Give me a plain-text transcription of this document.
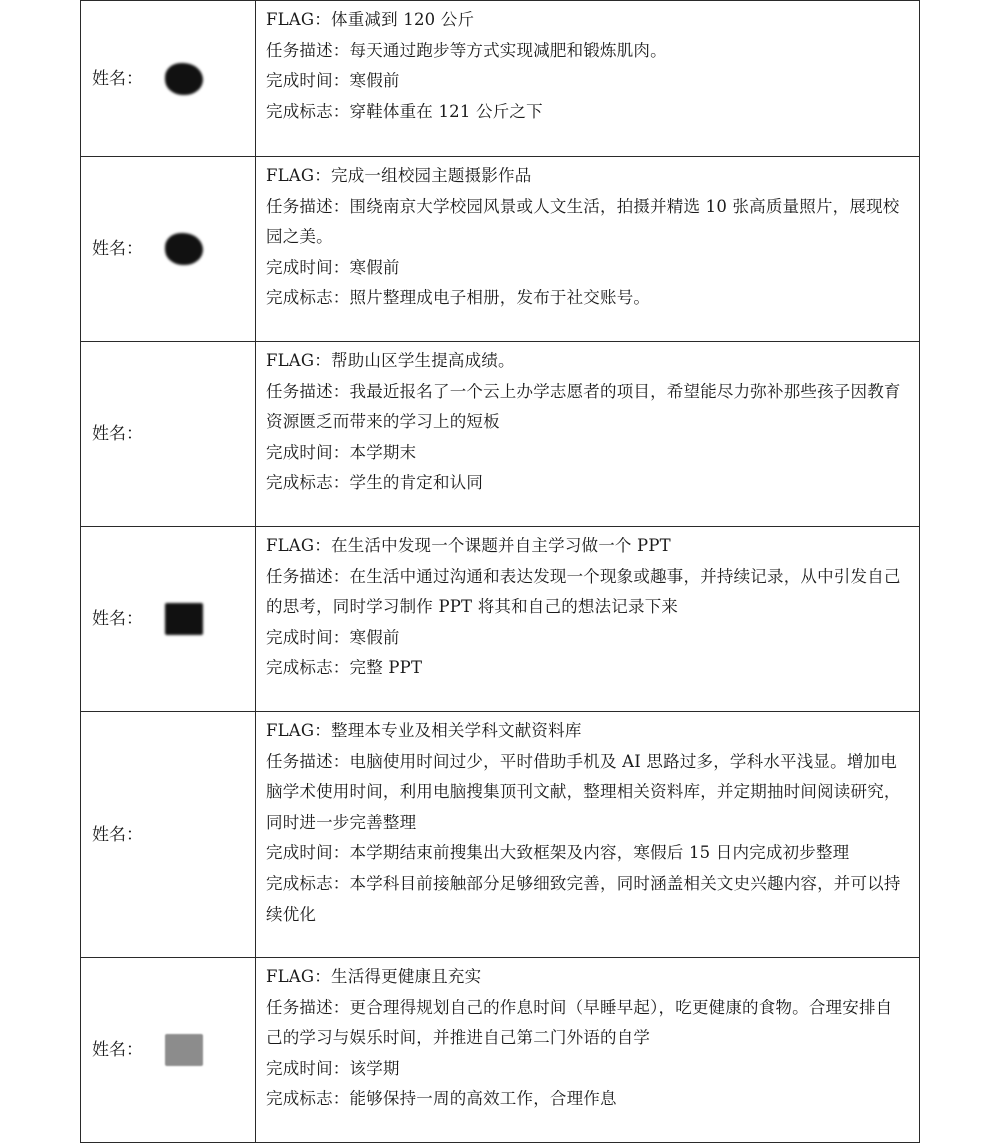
姓名：	FLAG：体重减到 120 公斤
任务描述：每天通过跑步等方式实现减肥和锻炼肌肉。
完成时间：寒假前
完成标志：穿鞋体重在 121 公斤之下

姓名：	FLAG：完成一组校园主题摄影作品
任务描述：围绕南京大学校园风景或人文生活，拍摄并精选 10 张高质量照片，展现校园之美。
完成时间：寒假前
完成标志：照片整理成电子相册，发布于社交账号。

姓名：	FLAG：帮助山区学生提高成绩。
任务描述：我最近报名了一个云上办学志愿者的项目，希望能尽力弥补那些孩子因教育资源匮乏而带来的学习上的短板
完成时间：本学期末
完成标志：学生的肯定和认同

姓名：	FLAG：在生活中发现一个课题并自主学习做一个 PPT
任务描述：在生活中通过沟通和表达发现一个现象或趣事，并持续记录，从中引发自己的思考，同时学习制作 PPT 将其和自己的想法记录下来
完成时间：寒假前
完成标志：完整 PPT

姓名：	FLAG：整理本专业及相关学科文献资料库
任务描述：电脑使用时间过少，平时借助手机及 AI 思路过多，学科水平浅显。增加电脑学术使用时间，利用电脑搜集顶刊文献，整理相关资料库，并定期抽时间阅读研究，同时进一步完善整理
完成时间：本学期结束前搜集出大致框架及内容，寒假后 15 日内完成初步整理
完成标志：本学科目前接触部分足够细致完善，同时涵盖相关文史兴趣内容，并可以持续优化

姓名：	FLAG：生活得更健康且充实
任务描述：更合理得规划自己的作息时间（早睡早起），吃更健康的食物。合理安排自己的学习与娱乐时间，并推进自己第二门外语的自学
完成时间：该学期
完成标志：能够保持一周的高效工作，合理作息
